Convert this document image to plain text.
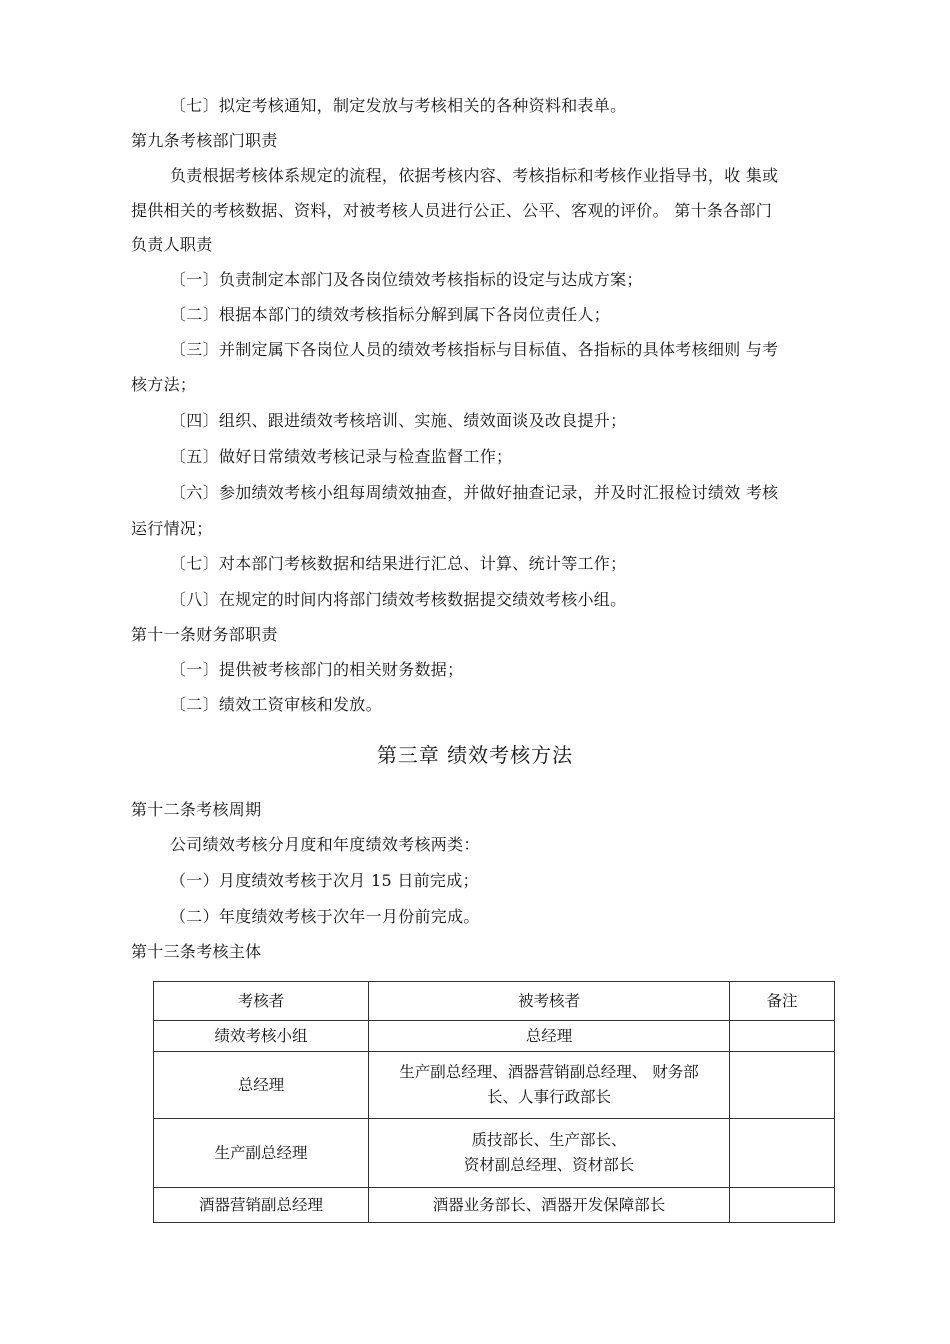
〔七〕拟定考核通知，制定发放与考核相关的各种资料和表单。
第九条考核部门职责
负责根据考核体系规定的流程，依据考核内容、考核指标和考核作业指导书，收 集或
提供相关的考核数据、资料，对被考核人员进行公正、公平、客观的评价。 第十条各部门
负责人职责
〔一〕负责制定本部门及各岗位绩效考核指标的设定与达成方案；
〔二〕根据本部门的绩效考核指标分解到属下各岗位责任人；
〔三〕并制定属下各岗位人员的绩效考核指标与目标值、各指标的具体考核细则 与考
核方法；
〔四〕组织、跟进绩效考核培训、实施、绩效面谈及改良提升；
〔五〕做好日常绩效考核记录与检查监督工作；
〔六〕参加绩效考核小组每周绩效抽查，并做好抽查记录，并及时汇报检讨绩效 考核
运行情况；
〔七〕对本部门考核数据和结果进行汇总、计算、统计等工作；
〔八〕在规定的时间内将部门绩效考核数据提交绩效考核小组。
第十一条财务部职责
〔一〕提供被考核部门的相关财务数据；
〔二〕绩效工资审核和发放。
第三章 绩效考核方法
第十二条考核周期
公司绩效考核分月度和年度绩效考核两类：
（一）月度绩效考核于次月 15 日前完成；
（二）年度绩效考核于次年一月份前完成。
第十三条考核主体
考核者	被考核者	备注
绩效考核小组	总经理	
总经理	生产副总经理、酒器营销副总经理、 财务部
长、人事行政部长	

生产副总经理	质技部长、生产部长、
资材副总经理、资材部长	

酒器营销副总经理	酒器业务部长、酒器开发保障部长	
